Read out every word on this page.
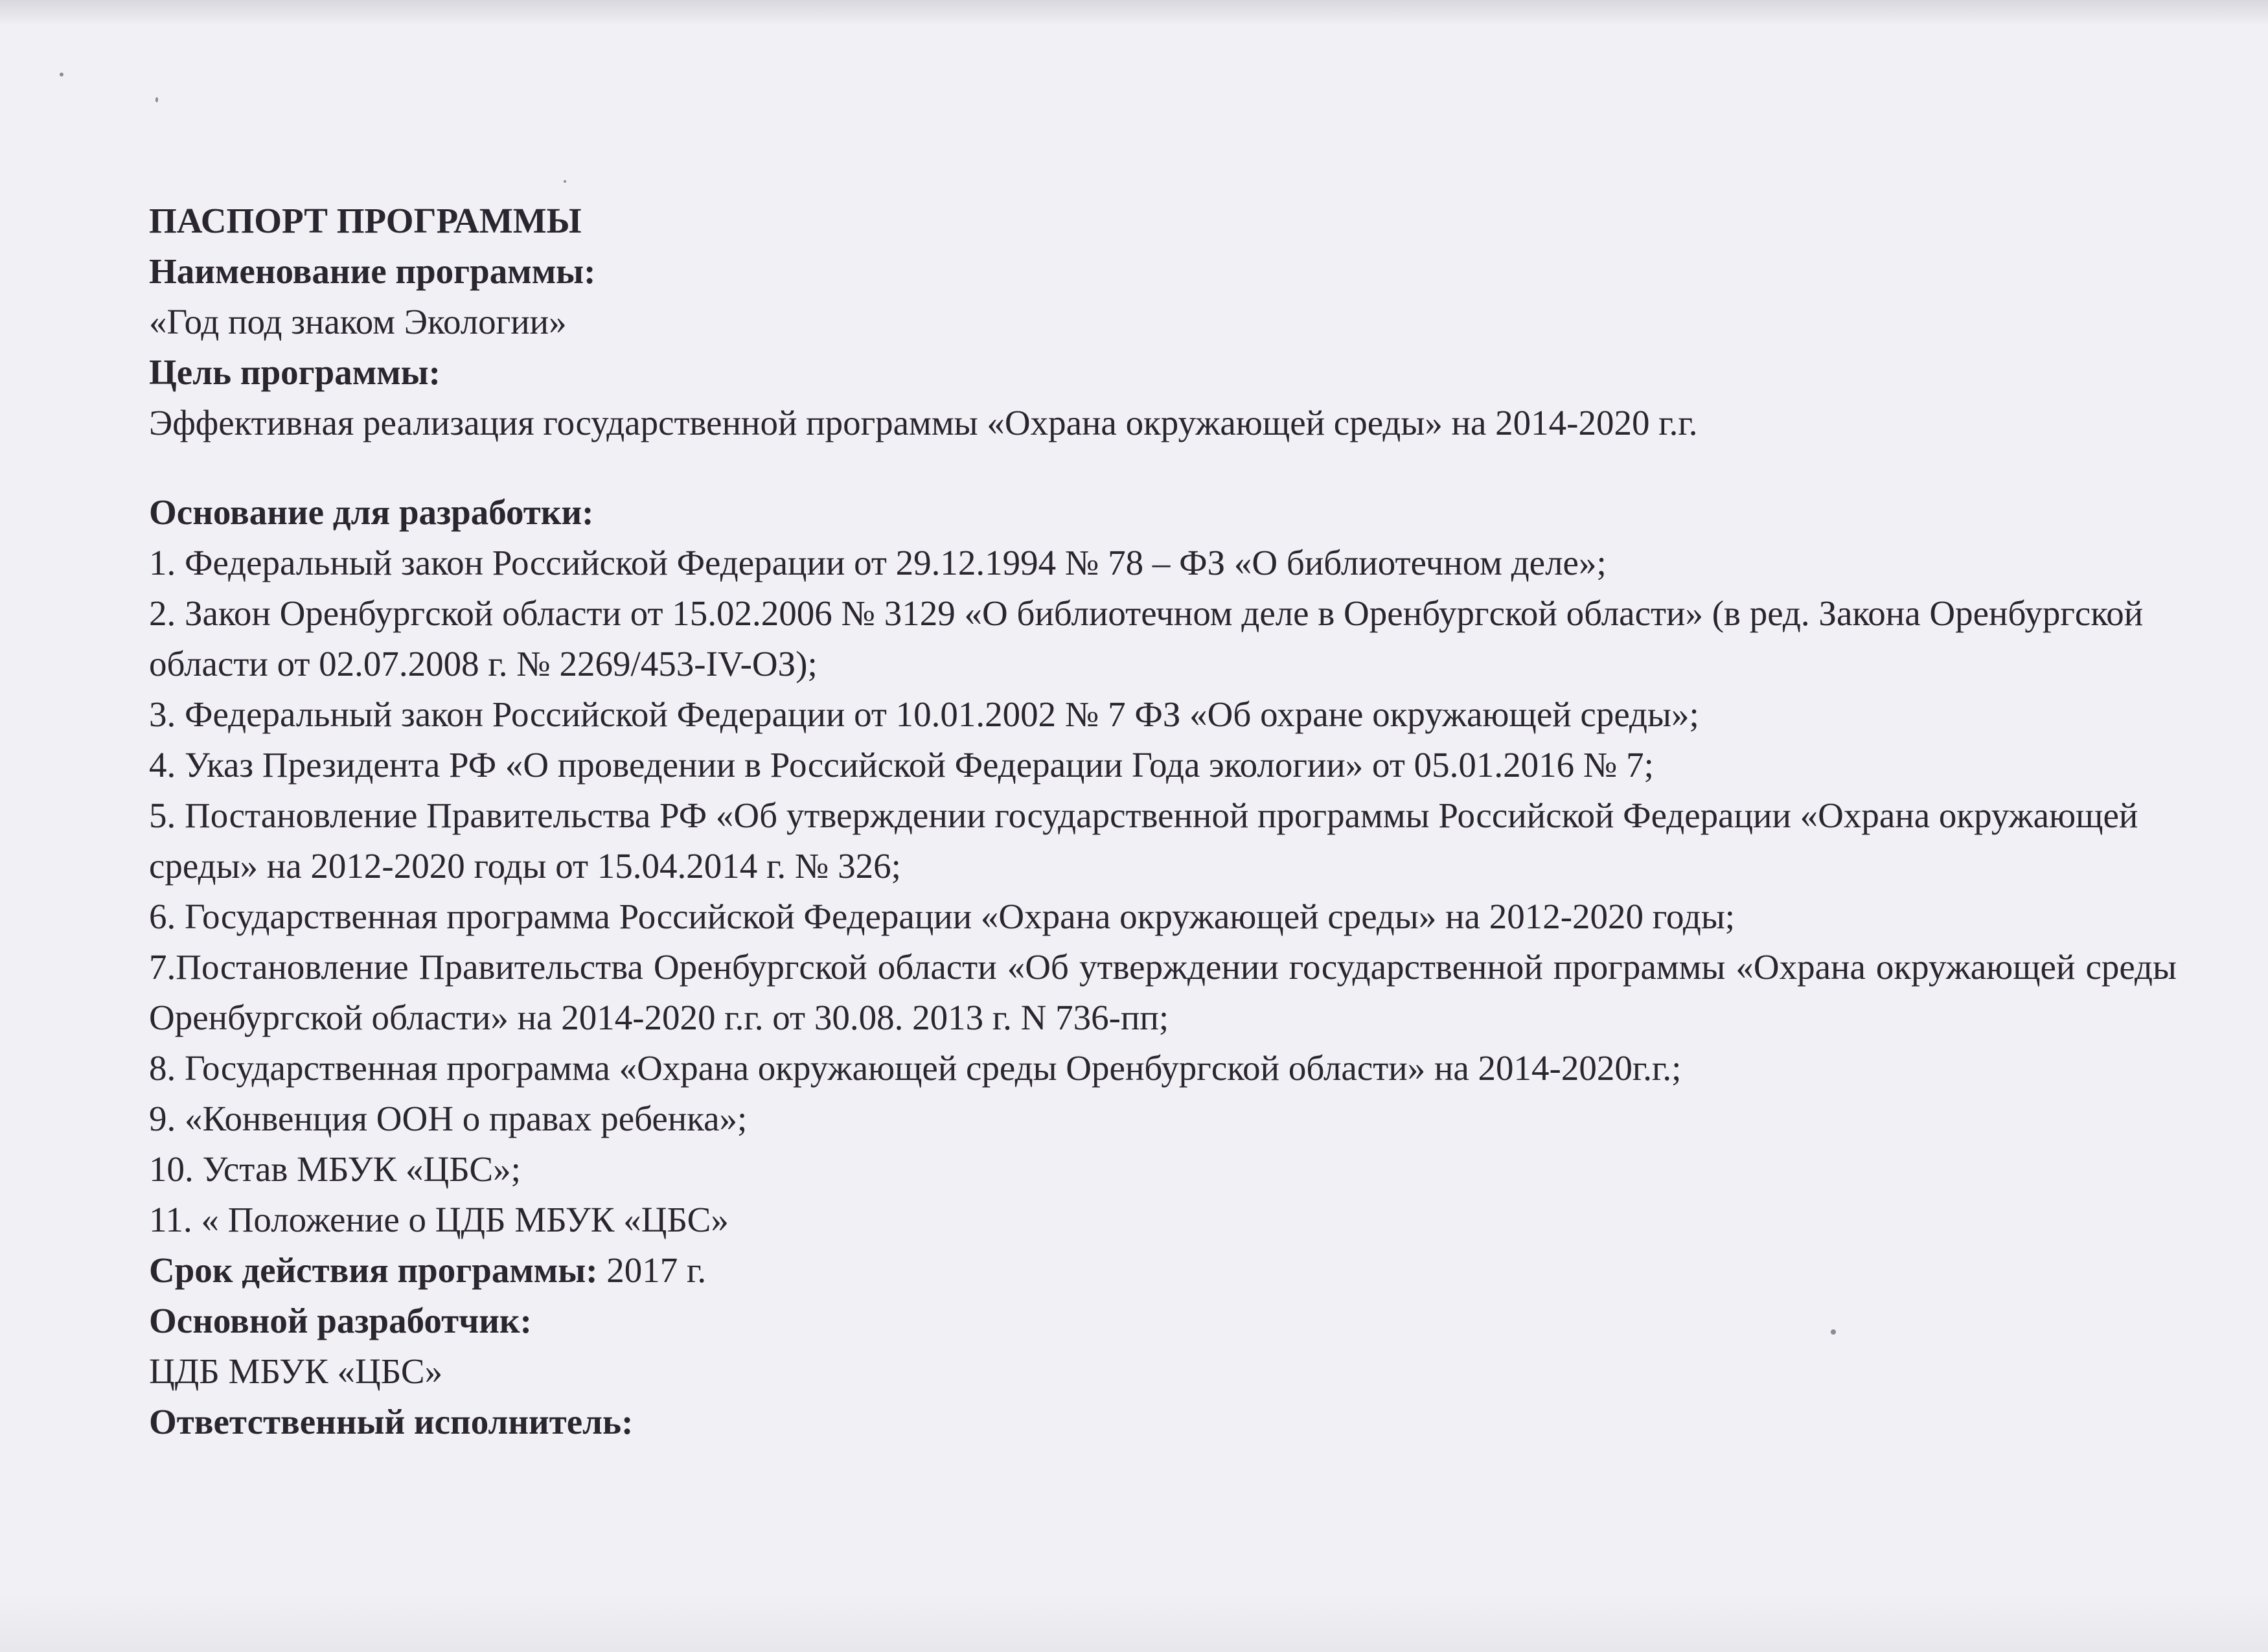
ПАСПОРТ ПРОГРАММЫ
Наименование программы:
«Год под знаком Экологии»
Цель программы:
Эффективная реализация государственной программы «Охрана окружающей среды» на 2014-2020 г.г.
Основание для разработки:
1. Федеральный закон Российской Федерации от 29.12.1994 № 78 – ФЗ «О библиотечном деле»;
2. Закон Оренбургской области от 15.02.2006 № 3129 «О библиотечном деле в Оренбургской области» (в ред. Закона Оренбургской области от 02.07.2008 г. № 2269/453-IV-ОЗ);
3. Федеральный закон Российской Федерации от 10.01.2002 № 7 ФЗ «Об охране окружающей среды»;
4. Указ Президента РФ «О проведении в Российской Федерации Года экологии» от 05.01.2016 № 7;
5. Постановление Правительства РФ «Об утверждении государственной программы Российской Федерации «Охрана окружающей среды» на 2012-2020 годы от 15.04.2014 г. № 326;
6. Государственная программа Российской Федерации «Охрана окружающей среды» на 2012-2020 годы;
7.Постановление Правительства Оренбургской области «Об утверждении государственной программы «Охрана окружающей среды Оренбургской области» на 2014-2020 г.г. от 30.08. 2013 г. N 736-пп;
8. Государственная программа «Охрана окружающей среды Оренбургской области» на 2014-2020г.г.;
9. «Конвенция ООН о правах ребенка»;
10. Устав МБУК «ЦБС»;
11. « Положение о ЦДБ МБУК «ЦБС»
Срок действия программы: 2017 г.
Основной разработчик:
ЦДБ МБУК «ЦБС»
Ответственный исполнитель:
